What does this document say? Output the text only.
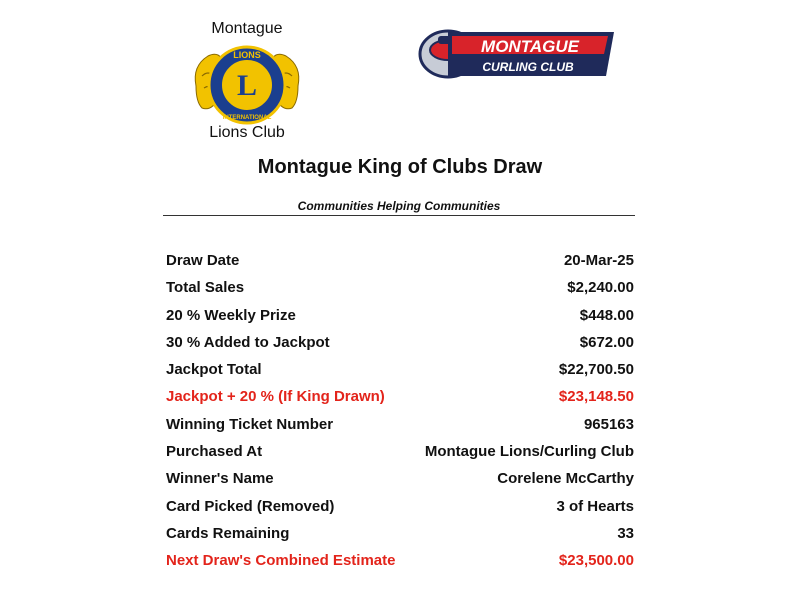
Montague
L
LIONS
INTERNATIONAL
Lions Club
MONTAGUE
CURLING CLUB
Montague King of Clubs Draw
Communities Helping Communities
Draw Date	20-Mar-25
Total Sales	$2,240.00
20 % Weekly Prize	$448.00
30 % Added to Jackpot	$672.00
Jackpot Total	$22,700.50
Jackpot + 20 % (If King Drawn)	$23,148.50
Winning Ticket Number	965163
Purchased At	Montague Lions/Curling Club
Winner's Name	Corelene McCarthy
Card Picked (Removed)	3 of Hearts
Cards Remaining	33
Next Draw's Combined Estimate	$23,500.00
